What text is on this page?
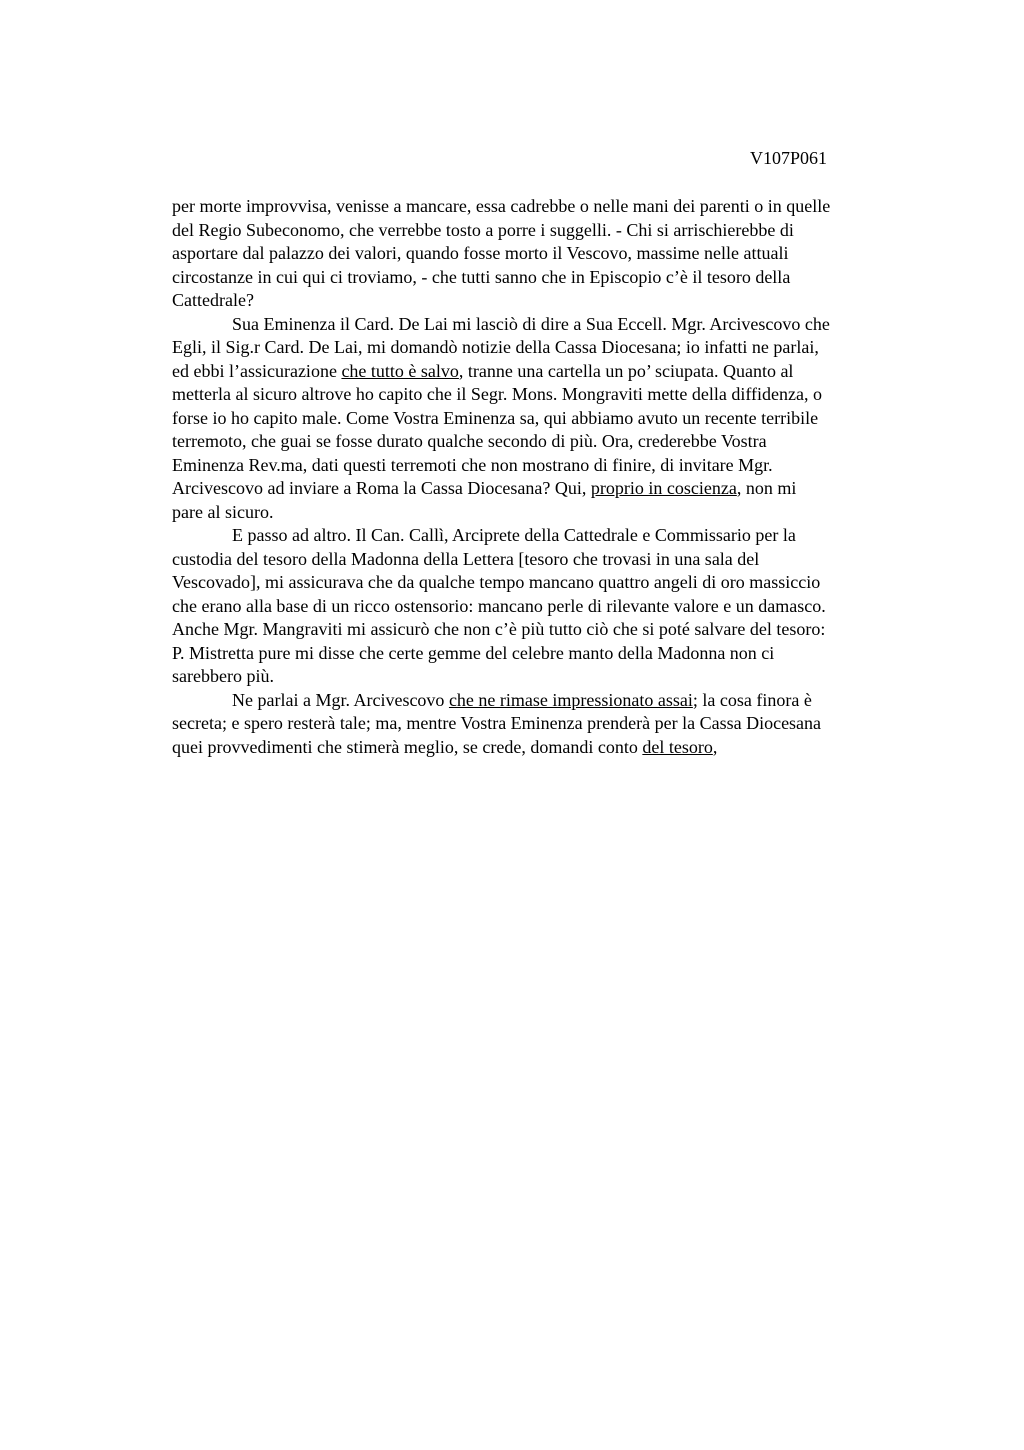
V107P061
per morte improvvisa, venisse a mancare, essa cadrebbe o nelle mani dei parenti o in quelle
del Regio Subeconomo, che verrebbe tosto a porre i suggelli. - Chi si arrischierebbe di
asportare dal palazzo dei valori, quando fosse morto il Vescovo, massime nelle attuali
circostanze in cui qui ci troviamo, - che tutti sanno che in Episcopio c’è il tesoro della
Cattedrale?
Sua Eminenza il Card. De Lai mi lasciò di dire a Sua Eccell. Mgr. Arcivescovo che
Egli, il Sig.r Card. De Lai, mi domandò notizie della Cassa Diocesana; io infatti ne parlai,
ed ebbi l’assicurazione che tutto è salvo, tranne una cartella un po’ sciupata. Quanto al
metterla al sicuro altrove ho capito che il Segr. Mons. Mongraviti mette della diffidenza, o
forse io ho capito male. Come Vostra Eminenza sa, qui abbiamo avuto un recente terribile
terremoto, che guai se fosse durato qualche secondo di più. Ora, crederebbe Vostra
Eminenza Rev.ma, dati questi terremoti che non mostrano di finire, di invitare Mgr.
Arcivescovo ad inviare a Roma la Cassa Diocesana? Qui, proprio in coscienza, non mi
pare al sicuro.
E passo ad altro. Il Can. Callì, Arciprete della Cattedrale e Commissario per la
custodia del tesoro della Madonna della Lettera [tesoro che trovasi in una sala del
Vescovado], mi assicurava che da qualche tempo mancano quattro angeli di oro massiccio
che erano alla base di un ricco ostensorio: mancano perle di rilevante valore e un damasco.
Anche Mgr. Mangraviti mi assicurò che non c’è più tutto ciò che si poté salvare del tesoro:
P. Mistretta pure mi disse che certe gemme del celebre manto della Madonna non ci
sarebbero più.
Ne parlai a Mgr. Arcivescovo che ne rimase impressionato assai; la cosa finora è
secreta; e spero resterà tale; ma, mentre Vostra Eminenza prenderà per la Cassa Diocesana
quei provvedimenti che stimerà meglio, se crede, domandi conto del tesoro,
